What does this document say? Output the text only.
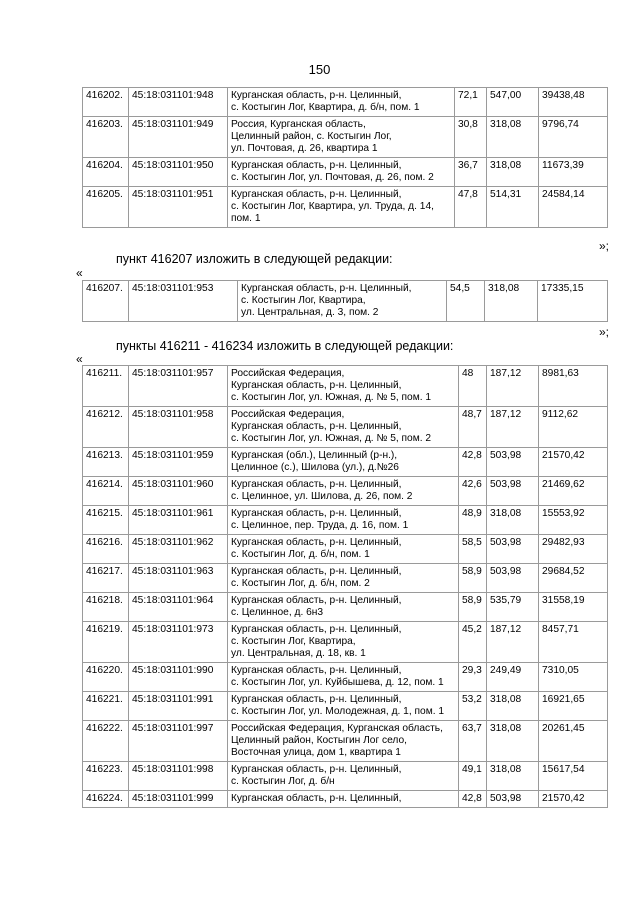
150
416202.	45:18:031101:948	Курганская область, р-н. Целинный,
с. Костыгин Лог, Квартира, д. б/н, пом. 1	72,1	547,00	39438,48
416203.	45:18:031101:949	Россия, Курганская область,
Целинный район, с. Костыгин Лог,
ул. Почтовая, д. 26, квартира 1	30,8	318,08	9796,74
416204.	45:18:031101:950	Курганская область, р-н. Целинный,
с. Костыгин Лог, ул. Почтовая, д. 26, пом. 2	36,7	318,08	11673,39
416205.	45:18:031101:951	Курганская область, р-н. Целинный,
с. Костыгин Лог, Квартира, ул. Труда, д. 14,
пом. 1	47,8	514,31	24584,14
»;
пункт 416207 изложить в следующей редакции:
«
416207.	45:18:031101:953	Курганская область, р-н. Целинный,
с. Костыгин Лог, Квартира,
ул. Центральная, д. 3, пом. 2	54,5	318,08	17335,15
»;
пункты 416211 - 416234 изложить в следующей редакции:
«
416211.	45:18:031101:957	Российская Федерация,
Курганская область, р-н. Целинный,
с. Костыгин Лог, ул. Южная, д. № 5, пом. 1	48	187,12	8981,63
416212.	45:18:031101:958	Российская Федерация,
Курганская область, р-н. Целинный,
с. Костыгин Лог, ул. Южная, д. № 5, пом. 2	48,7	187,12	9112,62
416213.	45:18:031101:959	Курганская (обл.), Целинный (р-н.),
Целинное (с.), Шилова (ул.), д.№26	42,8	503,98	21570,42
416214.	45:18:031101:960	Курганская область, р-н. Целинный,
с. Целинное, ул. Шилова, д. 26, пом. 2	42,6	503,98	21469,62
416215.	45:18:031101:961	Курганская область, р-н. Целинный,
с. Целинное, пер. Труда, д. 16, пом. 1	48,9	318,08	15553,92
416216.	45:18:031101:962	Курганская область, р-н. Целинный,
с. Костыгин Лог, д. б/н, пом. 1	58,5	503,98	29482,93
416217.	45:18:031101:963	Курганская область, р-н. Целинный,
с. Костыгин Лог, д. б/н, пом. 2	58,9	503,98	29684,52
416218.	45:18:031101:964	Курганская область, р-н. Целинный,
с. Целинное, д. 6н3	58,9	535,79	31558,19
416219.	45:18:031101:973	Курганская область, р-н. Целинный,
с. Костыгин Лог, Квартира,
ул. Центральная, д. 18, кв. 1	45,2	187,12	8457,71
416220.	45:18:031101:990	Курганская область, р-н. Целинный,
с. Костыгин Лог, ул. Куйбышева, д. 12, пом. 1	29,3	249,49	7310,05
416221.	45:18:031101:991	Курганская область, р-н. Целинный,
с. Костыгин Лог, ул. Молодежная, д. 1, пом. 1	53,2	318,08	16921,65
416222.	45:18:031101:997	Российская Федерация, Курганская область,
Целинный район, Костыгин Лог село,
Восточная улица, дом 1, квартира 1	63,7	318,08	20261,45
416223.	45:18:031101:998	Курганская область, р-н. Целинный,
с. Костыгин Лог, д. б/н	49,1	318,08	15617,54
416224.	45:18:031101:999	Курганская область, р-н. Целинный,	42,8	503,98	21570,42
